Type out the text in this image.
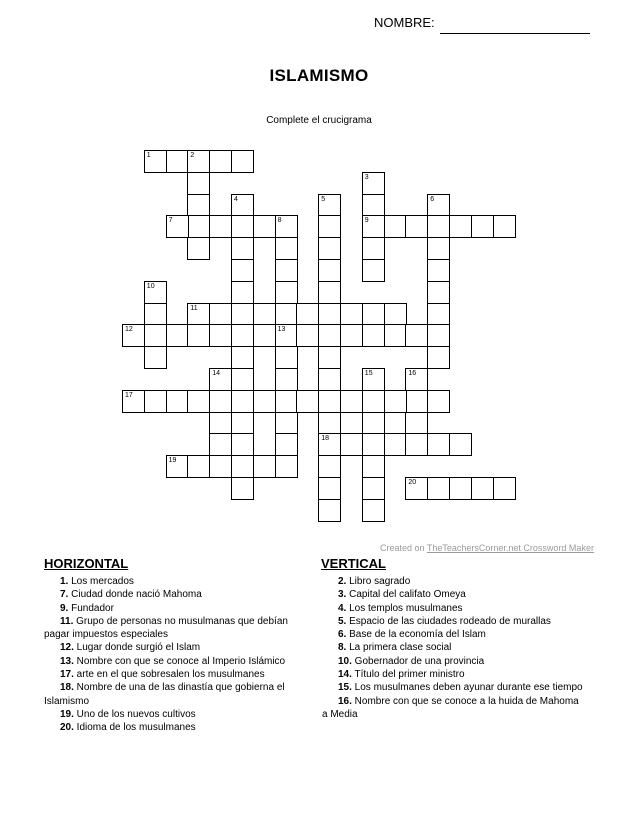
NOMBRE:
ISLAMISMO
Complete el crucigrama
1	2
3
9
4	5
18
6
7	8
13
10
11
12
14	15	16
17
19
20
Created on TheTeachersCorner.net Crossword Maker
HORIZONTAL	VERTICAL
1. Los mercados
7. Ciudad donde nació Mahoma
9. Fundador
11. Grupo de personas no musulmanas que debían
pagar impuestos especiales
12. Lugar donde surgió el Islam
13. Nombre con que se conoce al Imperio Islámico
17. arte en el que sobresalen los musulmanes
18. Nombre de una de las dinastía que gobierna el
Islamismo
19. Uno de los nuevos cultivos
20. Idioma de los musulmanes
2. Libro sagrado
3. Capital del califato Omeya
4. Los templos musulmanes
5. Espacio de las ciudades rodeado de murallas
6. Base de la economía del Islam
8. La primera clase social
10. Gobernador de una provincia
14. Título del primer ministro
15. Los musulmanes deben ayunar durante ese tiempo
16. Nombre con que se conoce a la huida de Mahoma
a Media
